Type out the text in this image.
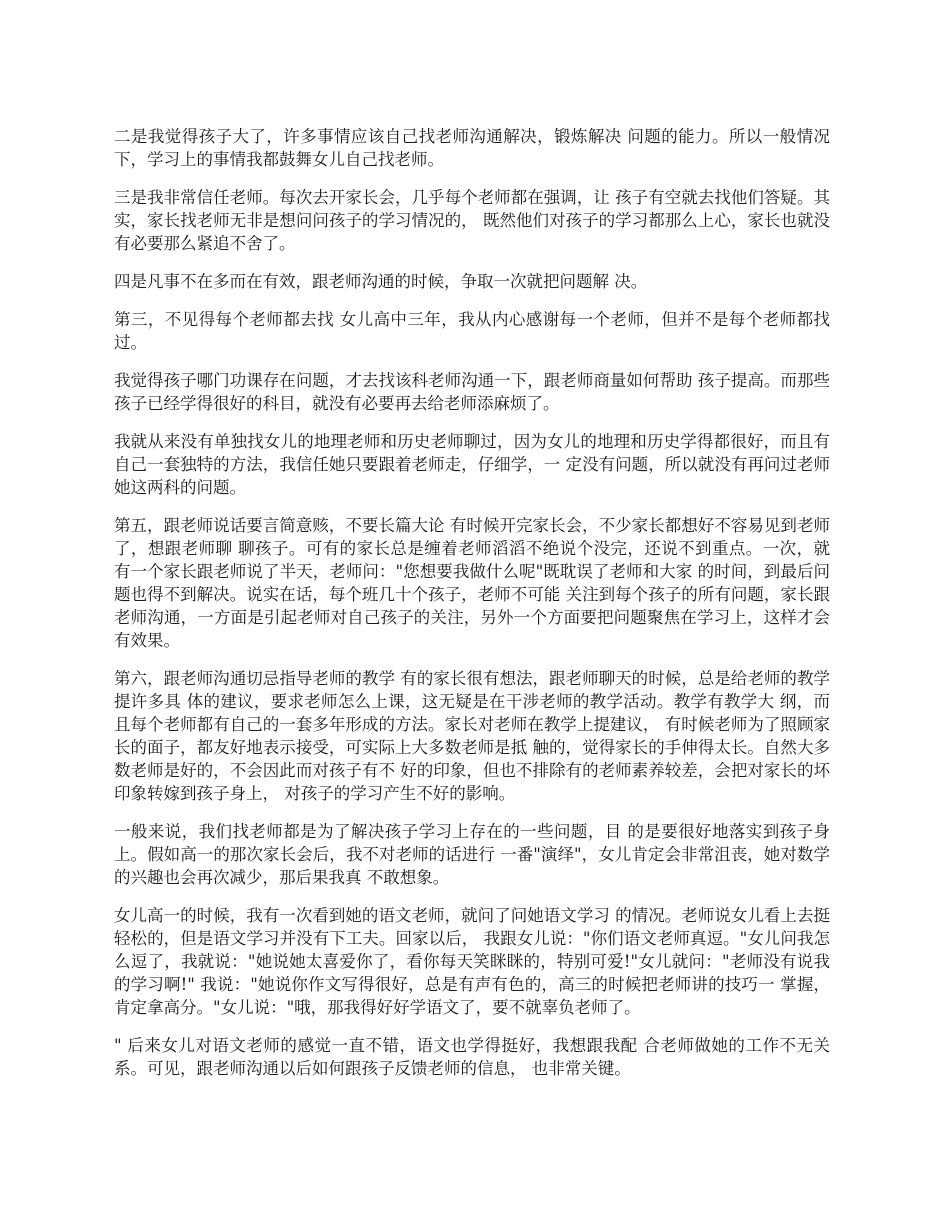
二是我觉得孩子大了，许多事情应该自己找老师沟通解决，锻炼解决 问题的能力。所以一般情况下，学习上的事情我都鼓舞女儿自己找老师。

三是我非常信任老师。每次去开家长会，几乎每个老师都在强调，让 孩子有空就去找他们答疑。其实，家长找老师无非是想问问孩子的学习情况的， 既然他们对孩子的学习都那么上心，家长也就没有必要那么紧追不舍了。

四是凡事不在多而在有效，跟老师沟通的时候，争取一次就把问题解 决。

第三，不见得每个老师都去找 女儿高中三年，我从内心感谢每一个老师，但并不是每个老师都找过。

我觉得孩子哪门功课存在问题，才去找该科老师沟通一下，跟老师商量如何帮助 孩子提高。而那些孩子已经学得很好的科目，就没有必要再去给老师添麻烦了。

我就从来没有单独找女儿的地理老师和历史老师聊过，因为女儿的地理和历史学得都很好，而且有自己一套独特的方法，我信任她只要跟着老师走，仔细学，一 定没有问题，所以就没有再问过老师她这两科的问题。

第五，跟老师说话要言简意赅，不要长篇大论 有时候开完家长会，不少家长都想好不容易见到老师了，想跟老师聊 聊孩子。可有的家长总是缠着老师滔滔不绝说个没完，还说不到重点。一次，就 有一个家长跟老师说了半天，老师问："您想要我做什么呢"既耽误了老师和大家 的时间，到最后问题也得不到解决。说实在话，每个班几十个孩子，老师不可能 关注到每个孩子的所有问题，家长跟老师沟通，一方面是引起老师对自己孩子的关注，另外一个方面要把问题聚焦在学习上，这样才会有效果。

第六，跟老师沟通切忌指导老师的教学 有的家长很有想法，跟老师聊天的时候，总是给老师的教学提许多具 体的建议，要求老师怎么上课，这无疑是在干涉老师的教学活动。教学有教学大 纲，而且每个老师都有自己的一套多年形成的方法。家长对老师在教学上提建议， 有时候老师为了照顾家长的面子，都友好地表示接受，可实际上大多数老师是抵 触的，觉得家长的手伸得太长。自然大多数老师是好的，不会因此而对孩子有不 好的印象，但也不排除有的老师素养较差，会把对家长的坏印象转嫁到孩子身上， 对孩子的学习产生不好的影响。

一般来说，我们找老师都是为了解决孩子学习上存在的一些问题，目 的是要很好地落实到孩子身上。假如高一的那次家长会后，我不对老师的话进行 一番"演绎"，女儿肯定会非常沮丧，她对数学的兴趣也会再次减少，那后果我真 不敢想象。

女儿高一的时候，我有一次看到她的语文老师，就问了问她语文学习 的情况。老师说女儿看上去挺轻松的，但是语文学习并没有下工夫。回家以后， 我跟女儿说："你们语文老师真逗。"女儿问我怎么逗了，我就说："她说她太喜爱你了，看你每天笑眯眯的，特别可爱!"女儿就问："老师没有说我的学习啊!" 我说："她说你作文写得很好，总是有声有色的，高三的时候把老师讲的技巧一 掌握，肯定拿高分。"女儿说："哦，那我得好好学语文了，要不就辜负老师了。

" 后来女儿对语文老师的感觉一直不错，语文也学得挺好，我想跟我配 合老师做她的工作不无关系。可见，跟老师沟通以后如何跟孩子反馈老师的信息， 也非常关键。
